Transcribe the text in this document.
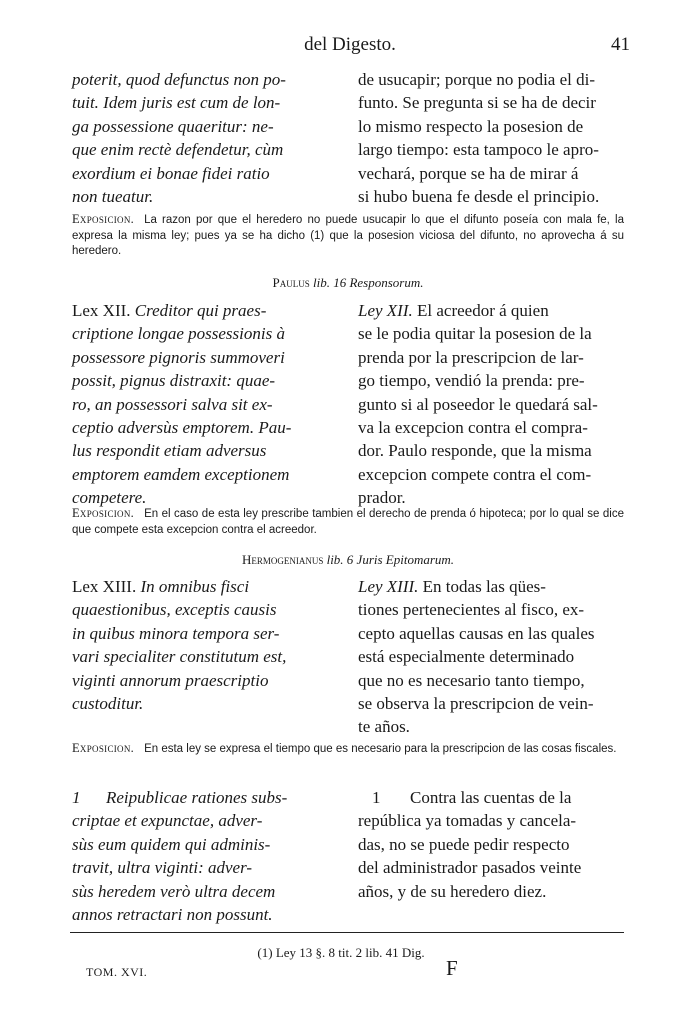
del Digesto.	41

poterit, quod defunctus non po-

tuit. Idem juris est cum de lon-

ga possessione quaeritur: ne-

que enim rectè defendetur, cùm

exordium ei bonae fidei ratio

non tueatur.

de usucapir; porque no podia el di-

funto. Se pregunta si se ha de decir

lo mismo respecto la posesion de

largo tiempo: esta tampoco le apro-

vechará, porque se ha de mirar á

si hubo buena fe desde el principio.

Exposicion. La razon por que el heredero no puede usucapir lo que el difunto poseía con mala fe, la expresa la misma ley; pues ya se ha dicho (1) que la posesion viciosa del difunto, no aprovecha á su heredero.

Paulus lib. 16 Responsorum.

Lex XII. Creditor qui praes-

criptione longae possessionis à

possessore pignoris summoveri

possit, pignus distraxit: quae-

ro, an possessori salva sit ex-

ceptio adversùs emptorem. Pau-

lus respondit etiam adversus

emptorem eamdem exceptionem

competere.

Ley XII. El acreedor á quien

se le podia quitar la posesion de la

prenda por la prescripcion de lar-

go tiempo, vendió la prenda: pre-

gunto si al poseedor le quedará sal-

va la excepcion contra el compra-

dor. Paulo responde, que la misma

excepcion compete contra el com-

prador.

Exposicion. En el caso de esta ley prescribe tambien el derecho de prenda ó hipoteca; por lo qual se dice que compete esta excepcion contra el acreedor.

Hermogenianus lib. 6 Juris Epitomarum.

Lex XIII. In omnibus fisci

quaestionibus, exceptis causis

in quibus minora tempora ser-

vari specialiter constitutum est,

viginti annorum praescriptio

custoditur.

Ley XIII. En todas las qües-

tiones pertenecientes al fisco, ex-

cepto aquellas causas en las quales

está especialmente determinado

que no es necesario tanto tiempo,

se observa la prescripcion de vein-

te años.

Exposicion. En esta ley se expresa el tiempo que es necesario para la prescripcion de las cosas fiscales.

1 Reipublicae rationes subs-

criptae et expunctae, adver-

sùs eum quidem qui adminis-

travit, ultra viginti: adver-

sùs heredem verò ultra decem

annos retractari non possunt.

1 Contra las cuentas de la

república ya tomadas y cancela-

das, no se puede pedir respecto

del administrador pasados veinte

años, y de su heredero diez.

(1) Ley 13 §. 8 tit. 2 lib. 41 Dig.

TOM. XVI.	F
